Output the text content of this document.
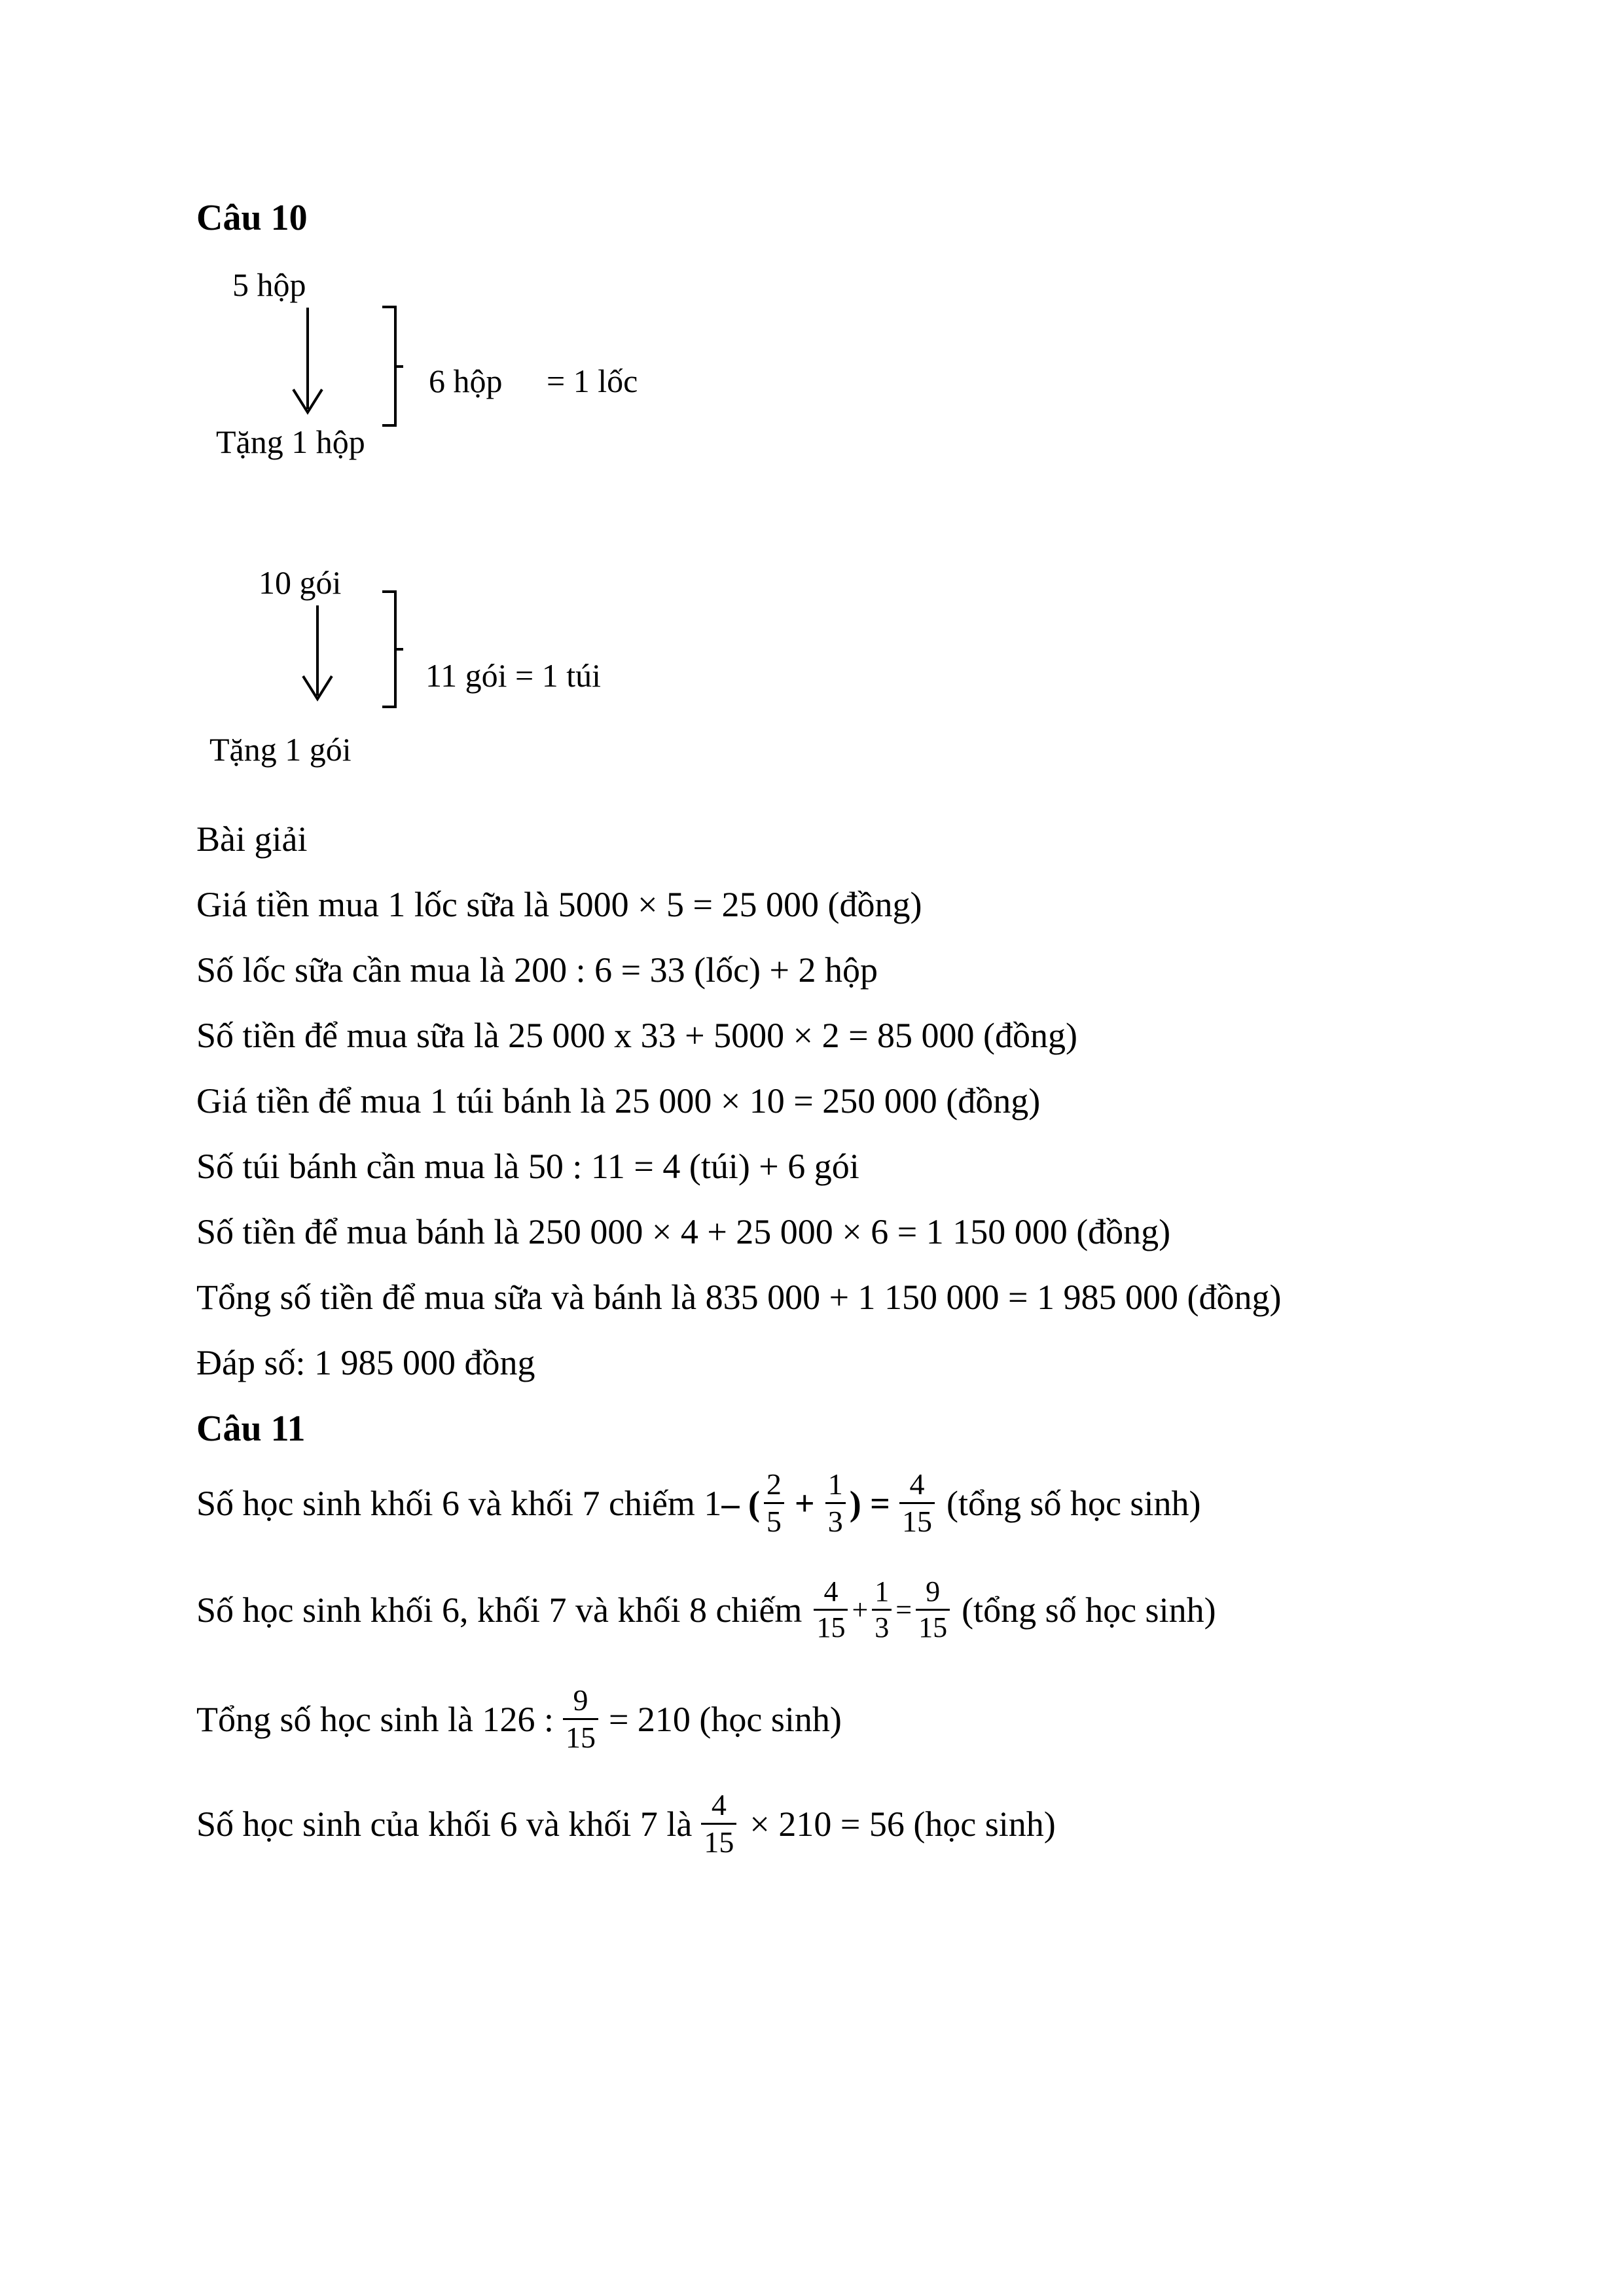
Câu 10
5 hộp
Tặng 1 hộp
6 hộp = 1 lốc
10 gói
Tặng 1 gói
11 gói = 1 túi
Bài giải
Giá tiền mua 1 lốc sữa là 5000 × 5 = 25 000 (đồng)
Số lốc sữa cần mua là 200 : 6 = 33 (lốc) + 2 hộp
Số tiền để mua sữa là 25 000 x 33 + 5000 × 2 = 85 000 (đồng)
Giá tiền để mua 1 túi bánh là 25 000 × 10 = 250 000 (đồng)
Số túi bánh cần mua là 50 : 11 = 4 (túi) + 6 gói
Số tiền để mua bánh là 250 000 × 4 + 25 000 × 6 = 1 150 000 (đồng)
Tổng số tiền để mua sữa và bánh là 835 000 + 1 150 000 = 1 985 000 (đồng)
Đáp số: 1 985 000 đồng
Câu 11
Số học sinh khối 6 và khối 7 chiếm 1 – ( $\frac{2}{5} + \frac{1}{3}$ ) = $\frac{4}{15}$ (tổng số học sinh)
Số học sinh khối 6, khối 7 và khối 8 chiếm $\frac{4}{15} + \frac{1}{3} = \frac{9}{15}$ (tổng số học sinh)
Tổng số học sinh là 126 : $\frac{9}{15} = 210$ (học sinh)
Số học sinh của khối 6 và khối 7 là $\frac{4}{15} \times 210 = 56$ (học sinh)
